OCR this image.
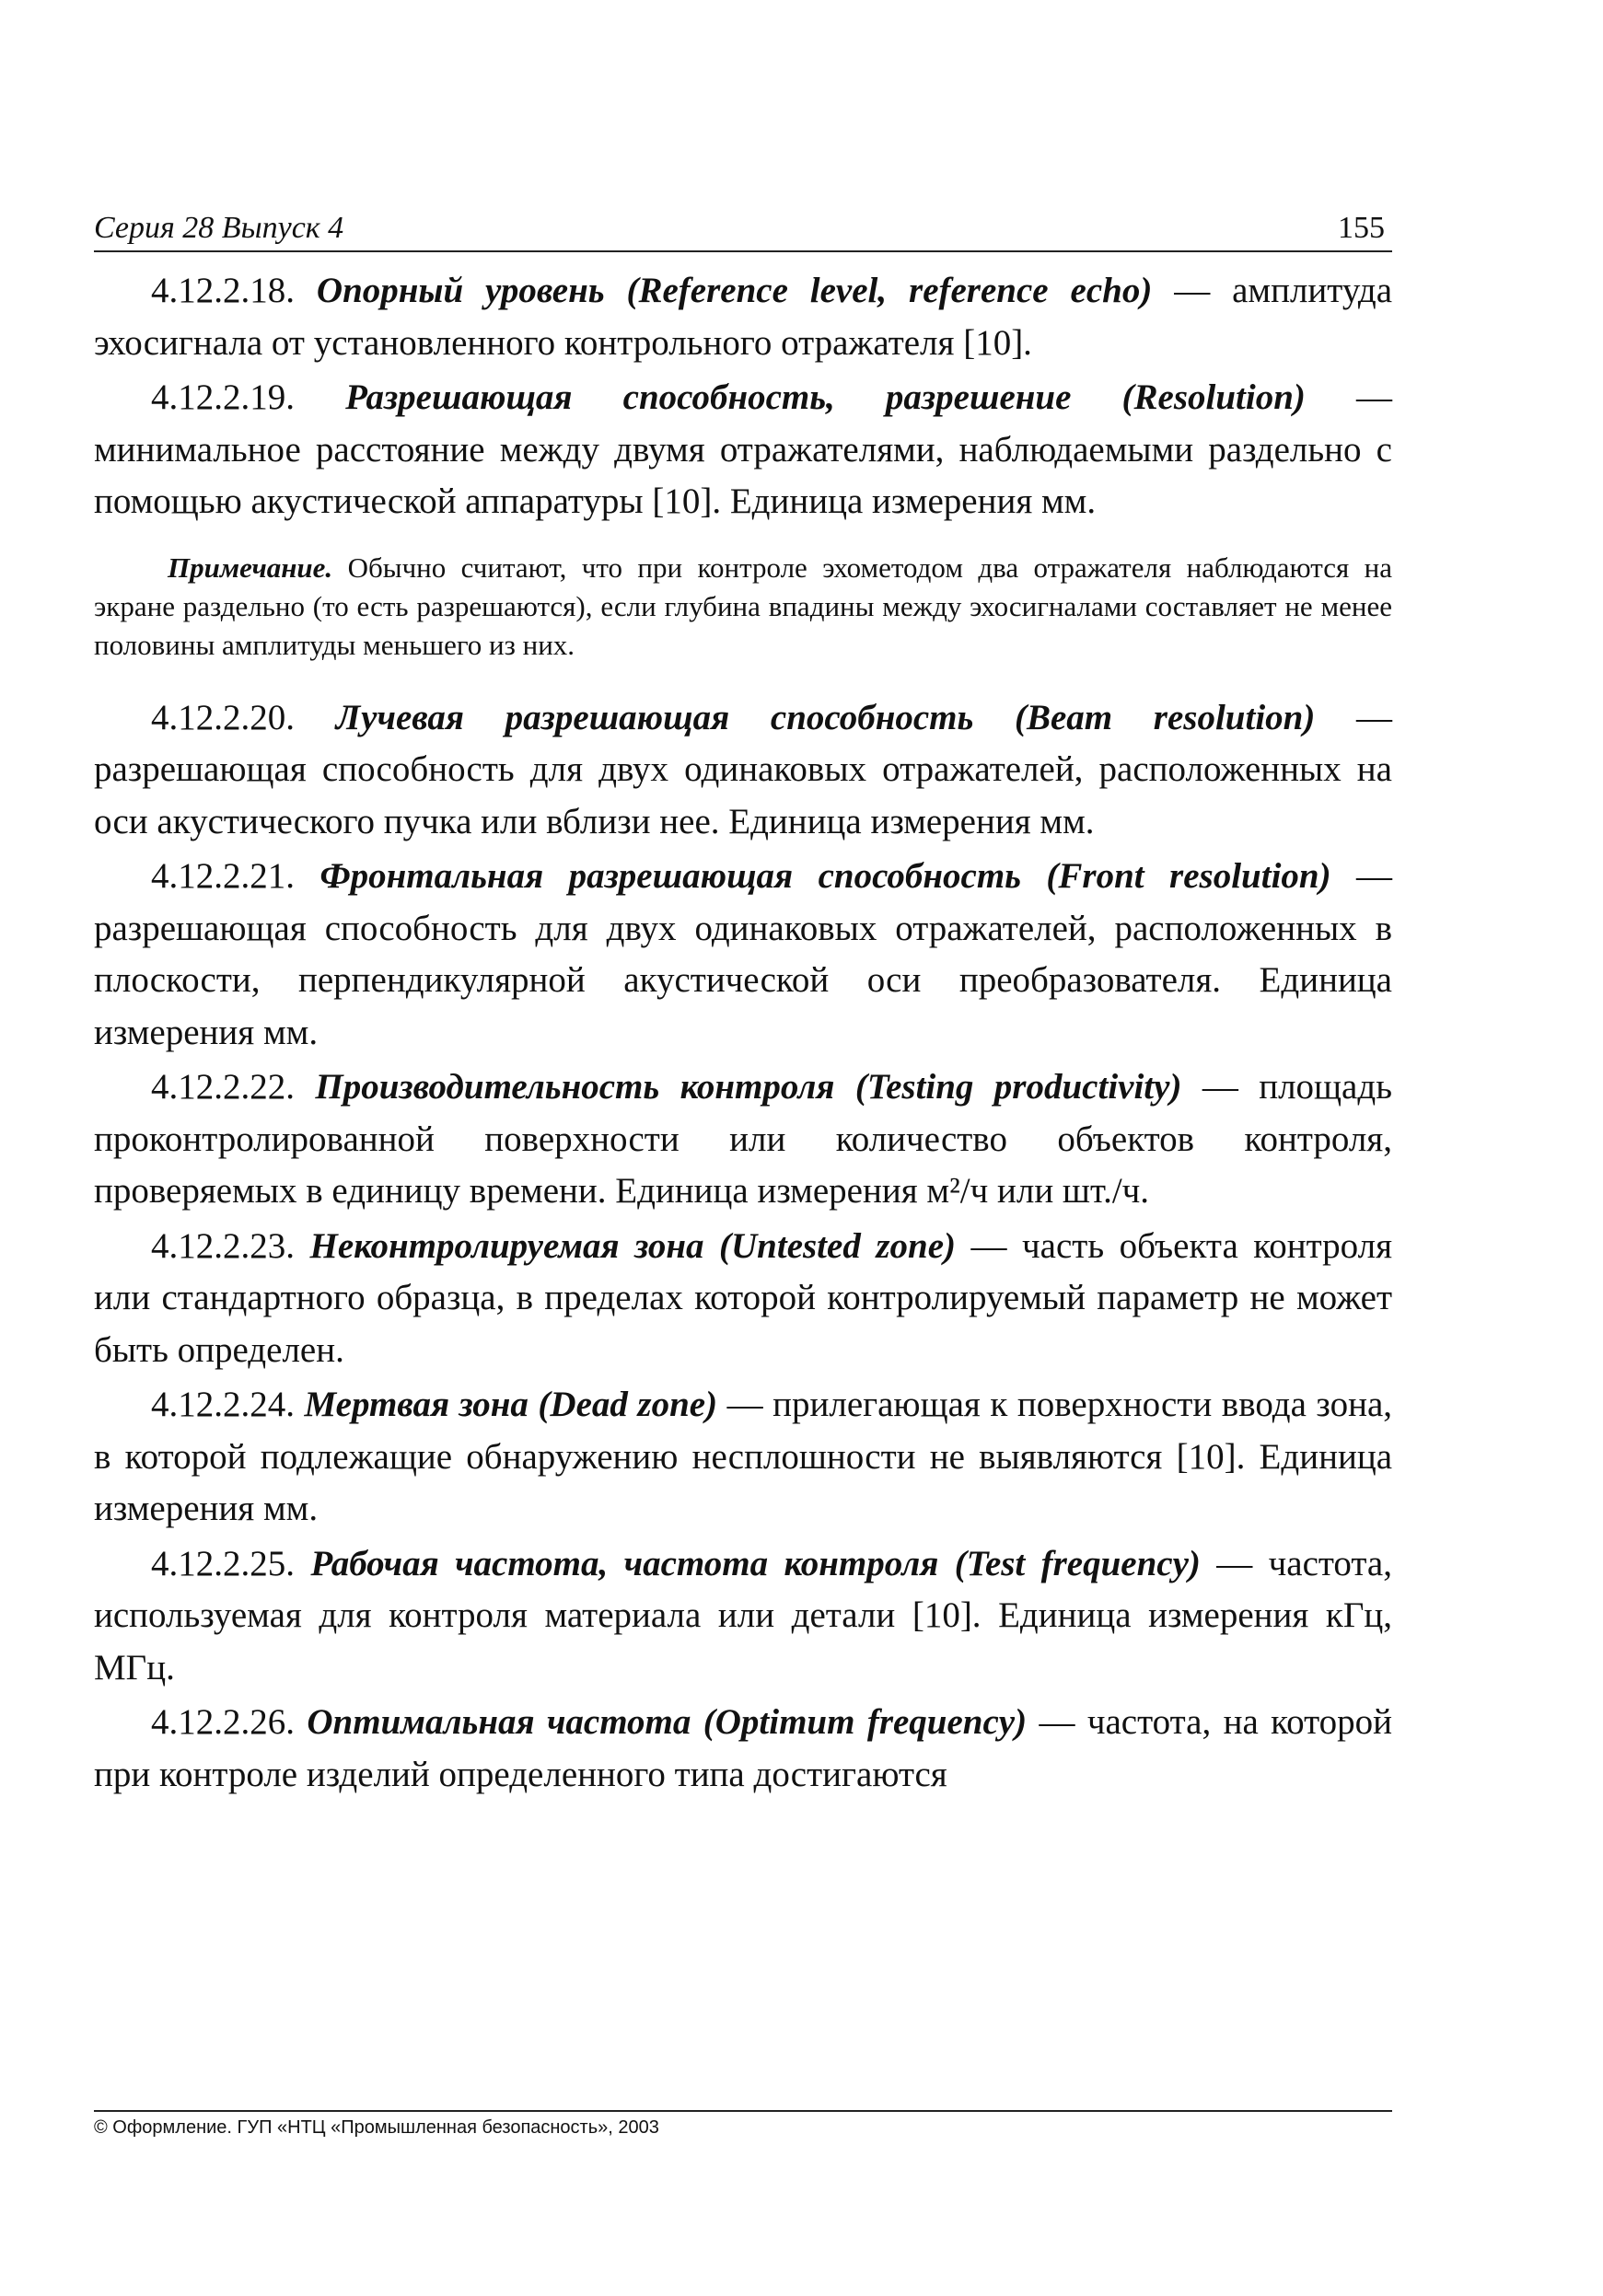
Серия 28 Выпуск 4	155

4.12.2.18. Опорный уровень (Reference level, reference echo) — амплитуда эхосигнала от установленного контрольного отражателя [10].

4.12.2.19. Разрешающая способность, разрешение (Resolution) — минимальное расстояние между двумя отражателями, наблюдаемыми раздельно с помощью акустической аппаратуры [10]. Единица измерения мм.

Примечание. Обычно считают, что при контроле эхометодом два отражателя наблюдаются на экране раздельно (то есть разрешаются), если глубина впадины между эхосигналами составляет не менее половины амплитуды меньшего из них.

4.12.2.20. Лучевая разрешающая способность (Beam resolution) — разрешающая способность для двух одинаковых отражателей, расположенных на оси акустического пучка или вблизи нее. Единица измерения мм.

4.12.2.21. Фронтальная разрешающая способность (Front resolution) — разрешающая способность для двух одинаковых отражателей, расположенных в плоскости, перпендикулярной акустической оси преобразователя. Единица измерения мм.

4.12.2.22. Производительность контроля (Testing productivity) — площадь проконтролированной поверхности или количество объектов контроля, проверяемых в единицу времени. Единица измерения м²/ч или шт./ч.

4.12.2.23. Неконтролируемая зона (Untested zone) — часть объекта контроля или стандартного образца, в пределах которой контролируемый параметр не может быть определен.

4.12.2.24. Мертвая зона (Dead zone) — прилегающая к поверхности ввода зона, в которой подлежащие обнаружению несплошности не выявляются [10]. Единица измерения мм.

4.12.2.25. Рабочая частота, частота контроля (Test frequency) — частота, используемая для контроля материала или детали [10]. Единица измерения кГц, МГц.

4.12.2.26. Оптимальная частота (Optimum frequency) — частота, на которой при контроле изделий определенного типа достигаются

© Оформление. ГУП «НТЦ «Промышленная безопасность», 2003
